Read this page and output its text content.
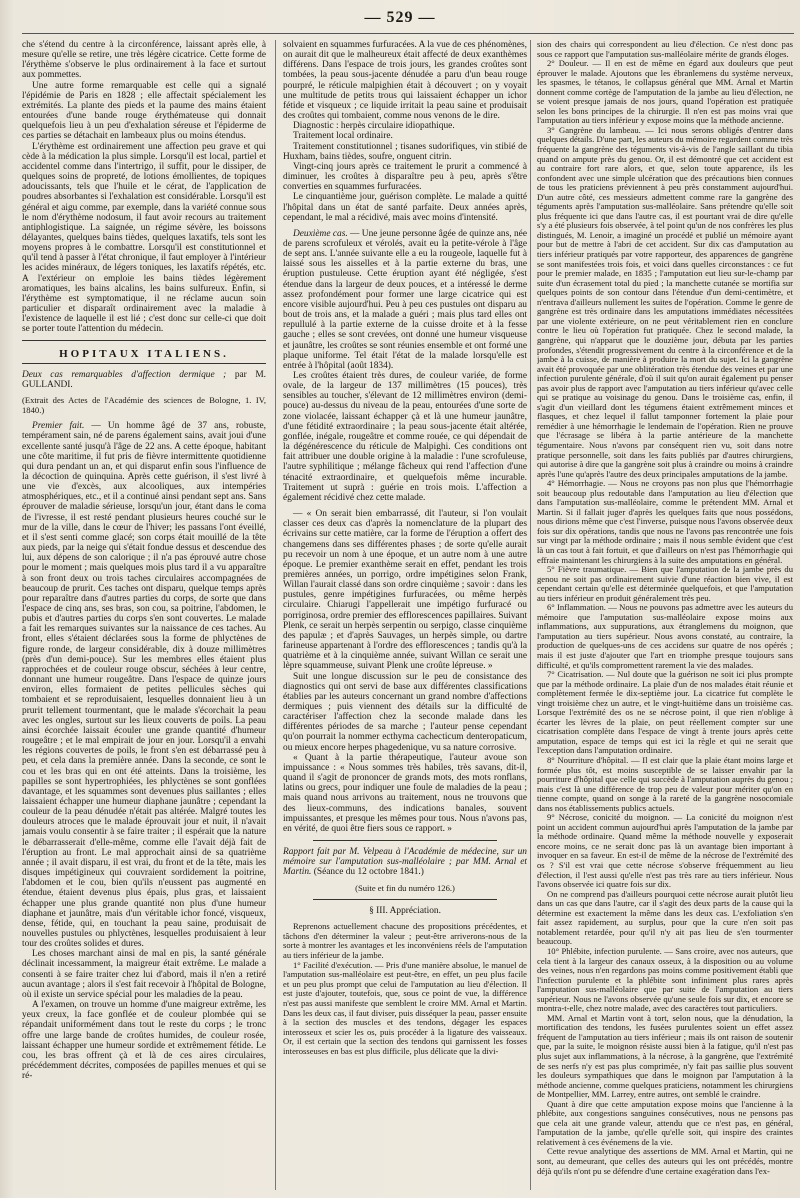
— 529 —

che s'étend du centre à la circonférence, laissant après elle, à mesure qu'elle se retire, une très légère cicatrice. Cette forme de l'érythème s'observe le plus ordinairement à la face et surtout aux pommettes.

Une autre forme remarquable est celle qui a signalé l'épidémie de Paris en 1828 ; elle affectait spécialement les extrémités. La plante des pieds et la paume des mains étaient entourées d'une bande rouge érythémateuse qui donnait quelquefois lieu à un peu d'exhalation séreuse et l'épiderme de ces parties se détachait en lambeaux plus ou moins étendus.

L'érythème est ordinairement une affection peu grave et qui cède à la médication la plus simple. Lorsqu'il est local, partiel et accidentel comme dans l'intertrigo, il suffit, pour le dissiper, de quelques soins de propreté, de lotions émollientes, de topiques adoucissants, tels que l'huile et le cérat, de l'application de poudres absorbantes si l'exhalation est considérable. Lorsqu'il est général et aigu comme, par exemple, dans la variété connue sous le nom d'érythème nodosum, il faut avoir recours au traitement antiphlogistique. La saignée, un régime sévère, les boissons délayantes, quelques bains tièdes, quelques laxatifs, tels sont les moyens propres à le combattre. Lorsqu'il est constitutionnel et qu'il tend à passer à l'état chronique, il faut employer à l'intérieur les acides minéraux, de légers toniques, les laxatifs répétés, etc. A l'extérieur on emploie les bains tièdes légèrement aromatiques, les bains alcalins, les bains sulfureux. Enfin, si l'érythème est symptomatique, il ne réclame aucun soin particulier et disparaît ordinairement avec la maladie à l'existence de laquelle il est lié ; c'est donc sur celle-ci que doit se porter toute l'attention du médecin.

HOPITAUX ITALIENS.

Deux cas remarquables d'affection dermique ; par M. GULLANDI.

(Extrait des Actes de l'Académie des sciences de Bologne, 1. IV, 1840.)

Premier fait. — Un homme âgé de 37 ans, robuste, tempérament sain, né de parens également sains, avait joui d'une excellente santé jusqu'à l'âge de 22 ans. A cette époque, habitant une côte maritime, il fut pris de fièvre intermittente quotidienne qui dura pendant un an, et qui disparut enfin sous l'influence de la décoction de quinquina. Après cette guérison, il s'est livré à une vie d'excès, aux alcooliques, aux intempéries atmosphériques, etc., et il a continué ainsi pendant sept ans. Sans éprouver de maladie sérieuse, lorsqu'un jour, étant dans le coma de l'ivresse, il est resté pendant plusieurs heures couché sur le mur de la ville, dans le cœur de l'hiver; les passans l'ont éveillé, et il s'est senti comme glacé; son corps était mouillé de la tête aux pieds, par la neige qui s'était fondue dessus et descendue des lui, aux dépens de son calorique ; il n'a pas éprouvé autre chose pour le moment ; mais quelques mois plus tard il a vu apparaître à son front deux ou trois taches circulaires accompagnées de beaucoup de prurit. Ces taches ont disparu, quelque temps après pour reparaître dans d'autres parties du corps, de sorte que dans l'espace de cinq ans, ses bras, son cou, sa poitrine, l'abdomen, le pubis et d'autres parties du corps s'en sont couvertes. Le malade a fait les remarques suivantes sur la naissance de ces taches. Au front, elles s'étaient déclarées sous la forme de phlyctènes de figure ronde, de largeur considérable, dix à douze millimètres (près d'un demi-pouce). Sur les membres elles étaient plus rapprochées et de couleur rouge obscur, séchées à leur centre, donnant une humeur rougeâtre. Dans l'espace de quinze jours environ, elles formaient de petites pellicules sèches qui tombaient et se reproduisaient, lesquelles donnaient lieu à un prurit tellement tourmentant, que le malade s'écorchait la peau avec les ongles, surtout sur les lieux couverts de poils. La peau ainsi écorchée laissait écouler une grande quantité d'humeur rougeâtre ; et le mal empirait de jour en jour. Lorsqu'il a envahi les régions couvertes de poils, le front s'en est débarrassé peu à peu, et cela dans la première année. Dans la seconde, ce sont le cou et les bras qui en ont été atteints. Dans la troisième, les papilles se sont hypertrophiées, les phlyctènes se sont gonflées davantage, et les squammes sont devenues plus saillantes ; elles laissaient échapper une humeur diaphane jaunâtre ; cependant la couleur de la peau dénudée n'était pas altérée. Malgré toutes les douleurs atroces que le malade éprouvait jour et nuit, il n'avait jamais voulu consentir à se faire traiter ; il espérait que la nature le débarrasserait d'elle-même, comme elle l'avait déjà fait de l'éruption au front. Le mal approchait ainsi de sa quatrième année ; il avait disparu, il est vrai, du front et de la tête, mais les disques impétigineux qui couvraient sordidement la poitrine, l'abdomen et le cou, bien qu'ils n'eussent pas augmenté en étendue, étaient devenus plus épais, plus gras, et laissaient échapper une plus grande quantité non plus d'une humeur diaphane et jaunâtre, mais d'un véritable ichor foncé, visqueux, dense, fétide, qui, en touchant la peau saine, produisait de nouvelles pustules ou phlyctènes, lesquelles produisaient à leur tour des croûtes solides et dures.

Les choses marchant ainsi de mal en pis, la santé générale déclinait incessamment, la maigreur était extrême. Le malade a consenti à se faire traiter chez lui d'abord, mais il n'en a retiré aucun avantage ; alors il s'est fait recevoir à l'hôpital de Bologne, où il existe un service spécial pour les maladies de la peau.

A l'examen, on trouve un homme d'une maigreur extrême, les yeux creux, la face gonflée et de couleur plombée qui se répandait uniformément dans tout le reste du corps ; le tronc offre une large bande de croûtes humides, de couleur rosée, laissant échapper une humeur sordide et extrêmement fétide. Le cou, les bras offrent çà et là de ces aires circulaires, précédemment décrites, composées de papilles menues et qui se ré-

solvaient en squammes furfuracées. A la vue de ces phénomènes, on aurait dit que le malheureux était affecté de deux exanthèmes différens. Dans l'espace de trois jours, les grandes croûtes sont tombées, la peau sous-jacente dénudée a paru d'un beau rouge pourpré, le réticule malpighien était à découvert ; on y voyait une multitude de petits trous qui laissaient échapper un ichor fétide et visqueux ; ce liquide irritait la peau saine et produisait des croûtes qui tombaient, comme nous venons de le dire.

Diagnostic : herpès circulaire idiopathique.

Traitement local ordinaire.

Traitement constitutionnel ; tisanes sudorifiques, vin stibié de Huxham, bains tièdes, soufre, onguent citrin.

Vingt-cinq jours après ce traitement le prurit a commencé à diminuer, les croûtes à disparaître peu à peu, après s'être converties en squammes furfuracées.

Le cinquantième jour, guérison complète. Le malade a quitté l'hôpital dans un état de santé parfaite. Deux années après, cependant, le mal a récidivé, mais avec moins d'intensité.

Deuxième cas. — Une jeune personne âgée de quinze ans, née de parens scrofuleux et vérolés, avait eu la petite-vérole à l'âge de sept ans. L'année suivante elle a eu la rougeole, laquelle fut à laissé sous les aisselles et à la partie externe du bras, une éruption pustuleuse. Cette éruption ayant été négligée, s'est étendue dans la largeur de deux pouces, et a intéressé le derme assez profondément pour former une large cicatrice qui est encore visible aujourd'hui. Peu à peu ces pustules ont disparu au bout de trois ans, et la malade a guéri ; mais plus tard elles ont repullulé à la partie externe de la cuisse droite et à la fesse gauche ; elles se sont crevées, ont donné une humeur visqueuse et jaunâtre, les croûtes se sont réunies ensemble et ont formé une plaque uniforme. Tel était l'état de la malade lorsqu'elle est entrée à l'hôpital (août 1834).

Les croûtes étaient très dures, de couleur variée, de forme ovale, de la largeur de 137 millimètres (15 pouces), très sensibles au toucher, s'élevant de 12 millimètres environ (demi-pouce) au-dessus du niveau de la peau, entourées d'une sorte de zone violacée, laissant échapper çà et là une humeur jaunâtre, d'une fétidité extraordinaire ; la peau sous-jacente était altérée, gonflée, inégale, rougeâtre et comme rouée, ce qui dépendait de la dégénérescence du réticule de Malpighi. Ces conditions ont fait attribuer une double origine à la maladie : l'une scrofuleuse, l'autre syphilitique ; mélange fâcheux qui rend l'affection d'une ténacité extraordinaire, et quelquefois même incurable. Traitement ut suprà : guérie en trois mois. L'affection a également récidivé chez cette malade.

— « On serait bien embarrassé, dit l'auteur, si l'on voulait classer ces deux cas d'après la nomenclature de la plupart des écrivains sur cette matière, car la forme de l'éruption a offert des changemens dans ses différentes phases ; de sorte qu'elle aurait pu recevoir un nom à une époque, et un autre nom à une autre époque. Le premier exanthème serait en effet, pendant les trois premières années, un porrigo, ordre impétigines selon Frank, Willan l'aurait classé dans son ordre cinquième ; savoir : dans les pustules, genre impétigines furfuracées, ou même herpès circulaire. Chiarugi l'appellerait une impétigo furfuracé ou porriginosa, ordre premier des efflorescences papillaires. Suivant Plenk, ce serait un herpès serpentin ou serpigo, classe cinquième des papulæ ; et d'après Sauvages, un herpès simple, ou dartre farineuse appartenant à l'ordre des efflorescences ; tandis qu'à la quatrième et à la cinquième année, suivant Willan ce serait une lèpre squammeuse, suivant Plenk une croûte lépreuse. »

Suit une longue discussion sur le peu de consistance des diagnostics qui ont servi de base aux différentes classifications établies par les auteurs concernant un grand nombre d'affections dermiques ; puis viennent des détails sur la difficulté de caractériser l'affection chez la seconde malade dans les différentes périodes de sa marche ; l'auteur pense cependant qu'on pourrait la nommer ecthyma cachecticum denteropaticum, ou mieux encore herpes phagedenique, vu sa nature corrosive.

« Quant à la partie thérapeutique, l'auteur avoue son impuissance : « Nous sommes très habiles, très savans, dit-il, quand il s'agit de prononcer de grands mots, des mots ronflans, latins ou grecs, pour indiquer une foule de maladies de la peau ; mais quand nous arrivons au traitement, nous ne trouvons que des lieux-communs, des indications banales, souvent impuissantes, et presque les mêmes pour tous. Nous n'avons pas, en vérité, de quoi être fiers sous ce rapport. »

Rapport fait par M. Velpeau à l'Académie de médecine, sur un mémoire sur l'amputation sus-malléolaire ; par MM. Arnal et Martin. (Séance du 12 octobre 1841.)

(Suite et fin du numéro 126.)

§ III. Appréciation.

Reprenons actuellement chacune des propositions précédentes, et tâchons d'en déterminer la valeur ; peut-être arriverons-nous de la sorte à montrer les avantages et les inconvéniens réels de l'amputation au tiers inférieur de la jambe.

1° Facilité d'exécution. — Pris d'une manière absolue, le manuel de l'amputation sus-malléolaire est peut-être, en effet, un peu plus facile et un peu plus prompt que celui de l'amputation au lieu d'élection. Il est juste d'ajouter, toutefois, que, sous ce point de vue, la différence n'est pas aussi manifeste que semblent le croire MM. Arnal et Martin. Dans les deux cas, il faut diviser, puis disséquer la peau, passer ensuite à la section des muscles et des tendons, dégager les espaces interosseux et scier les os, puis procéder à la ligature des vaisseaux. Or, il est certain que la section des tendons qui garnissent les fosses interosseuses en bas est plus difficile, plus délicate que la divi-

sion des chairs qui correspondent au lieu d'élection. Ce n'est donc pas sous ce rapport que l'amputation sus-malléolaire mérite de grands éloges.

2° Douleur. — Il en est de même en égard aux douleurs que peut éprouver le malade. Ajoutons que les ébranlemens du système nerveux, les spasmes, le tétanos, le collapsus général que MM. Arnal et Martin donnent comme cortège de l'amputation de la jambe au lieu d'élection, ne se voient presque jamais de nos jours, quand l'opération est pratiquée selon les bons principes de la chirurgie. Il n'en est pas moins vrai que l'amputation au tiers inférieur y expose moins que la méthode ancienne.

3° Gangrène du lambeau. — Ici nous serons obligés d'entrer dans quelques détails. D'une part, les auteurs du mémoire regardent comme très fréquente la gangrène des téguments vis-à-vis de l'angle saillant du tibia quand on ampute près du genou. Or, il est démontré que cet accident est au contraire fort rare alors, et que, selon toute apparence, ils les confondent avec une simple ulcération que des précautions bien connues de tous les praticiens préviennent à peu près constamment aujourd'hui. D'un autre côté, ces messieurs admettent comme rare la gangrène des téguments après l'amputation sus-malléolaire. Sans prétendre qu'elle soit plus fréquente ici que dans l'autre cas, il est pourtant vrai de dire qu'elle s'y a été plusieurs fois observée, à tel point qu'un de nos confrères les plus distingués, M. Lenoir, a imaginé un procédé et publié un mémoire ayant pour but de mettre à l'abri de cet accident. Sur dix cas d'amputation au tiers inférieur pratiqués par votre rapporteur, des apparences de gangrène se sont manifestées trois fois, et voici dans quelles circonstances : ce fut pour le premier malade, en 1835 ; l'amputation eut lieu sur-le-champ par suite d'un écrasement total du pied ; la manchette cutanée se mortifia sur quelques points de son contour dans l'étendue d'un demi-centimètre, et n'entrava d'ailleurs nullement les suites de l'opération. Comme le genre de gangrène est très ordinaire dans les amputations immédiates nécessitées par une violente extérieure, on ne peut véritablement rien en conclure contre le lieu où l'opération fut pratiquée. Chez le second malade, la gangrène, qui n'apparut que le douzième jour, débuta par les parties profondes, s'étendit progressivement du centre à la circonférence et de la jambe à la cuisse, de manière à produire la mort du sujet. Ici la gangrène avait été provoquée par une oblitération très étendue des veines et par une infection purulente générale, d'où il suit qu'on aurait également pu penser pas avoir plus de rapport avec l'amputation au tiers inférieur qu'avec celle qui se pratique au voisinage du genou. Dans le troisième cas, enfin, il s'agit d'un vieillard dont les tégumens étaient extrêmement minces et flasques, et chez lequel il fallut tamponner fortement la plaie pour remédier à une hémorrhagie le lendemain de l'opération. Rien ne prouve que l'écrasage se libéra à la partie antérieure de la manchette tégumentaire. Nous n'avons par conséquent rien vu, soit dans notre pratique personnelle, soit dans les faits publiés par d'autres chirurgiens, qui autorise à dire que la gangrène soit plus à craindre ou moins à craindre après l'une qu'après l'autre des deux principales amputations de la jambe.

4° Hémorrhagie. — Nous ne croyons pas non plus que l'hémorrhagie soit beaucoup plus redoutable dans l'amputation au lieu d'élection que dans l'amputation sus-malléolaire, comme le prétendent MM. Arnal et Martin. Si il fallait juger d'après les quelques faits que nous possédons, nous dirions même que c'est l'inverse, puisque nous l'avons observée deux fois sur dix opérations, tandis que nous ne l'avons pas rencontrée une fois sur vingt par la méthode ordinaire ; mais il nous semble évident que c'est là un cas tout à fait fortuit, et que d'ailleurs on n'est pas l'hémorrhagie qui effraie maintenant les chirurgiens à la suite des amputations en général.

5° Fièvre traumatique. — Bien que l'amputation de la jambe près du genou ne soit pas ordinairement suivie d'une réaction bien vive, il est cependant certain qu'elle est déterminée quelquefois, et que l'amputation au tiers inférieur en produit généralement très peu.

6° Inflammation. — Nous ne pouvons pas admettre avec les auteurs du mémoire que l'amputation sus-malléolaire expose moins aux inflammations, aux suppurations, aux étranglemens du moignon, que l'amputation au tiers supérieur. Nous avons constaté, au contraire, la production de quelques-uns de ces accidens sur quatre de nos opérés ; mais il est juste d'ajouter que l'art en triomphe presque toujours sans difficulté, et qu'ils compromettent rarement la vie des malades.

7° Cicatrisation. — Nul doute que la guérison ne soit ici plus prompte que par la méthode ordinaire. La plaie d'un de nos malades était réunie et complètement fermée le dix-septième jour. La cicatrice fut complète le vingt troisième chez un autre, et le vingt-huitième dans un troisième cas. Lorsque l'extrémité des os ne se nécrose point, il que rien n'oblige à écarter les lèvres de la plaie, on peut réellement compter sur une cicatrisation complète dans l'espace de vingt à trente jours après cette amputation, espace de temps qui est ici la règle et qui ne serait que l'exception dans l'amputation ordinaire.

8° Nourriture d'hôpital. — Il est clair que la plaie étant moins large et formée plus tôt, est moins susceptible de se laisser envahir par la pourriture d'hôpital que celle qui succède à l'amputation auprès du genou ; mais c'est là une différence de trop peu de valeur pour mériter qu'on en tienne compte, quand on songe à la rareté de la gangrène nosocomiale dans nos établissements publics actuels.

9° Nécrose, conicité du moignon. — La conicité du moignon n'est point un accident commun aujourd'hui après l'amputation de la jambe par la méthode ordinaire. Quand même la méthode nouvelle y exposerait encore moins, ce ne serait donc pas là un avantage bien important à invoquer en sa faveur. En est-il de même de la nécrose de l'extrémité des os ? S'il est vrai que cette nécrose s'observe fréquemment au lieu d'élection, il l'est aussi qu'elle n'est pas très rare au tiers inférieur. Nous l'avons observée ici quatre fois sur dix.

On ne comprend pas d'ailleurs pourquoi cette nécrose aurait plutôt lieu dans un cas que dans l'autre, car il s'agit des deux parts de la cause qui la détermine est exactement la même dans les deux cas. L'exfoliation s'en fait assez rapidement, au surplus, pour que la cure n'en soit pas notablement retardée, pour qu'il n'y ait pas lieu de s'en tourmenter beaucoup.

10° Phlébite, infection purulente. — Sans croire, avec nos auteurs, que cela tient à la largeur des canaux osseux, à la disposition ou au volume des veines, nous n'en regardons pas moins comme positivement établi que l'infection purulente et la phlébite sont infiniment plus rares après l'amputation sus-malléolaire que par suite de l'amputation au tiers supérieur. Nous ne l'avons observée qu'une seule fois sur dix, et encore se montra-t-elle, chez notre malade, avec des caractères tout particuliers.

MM. Arnal et Martin vont à tort, selon nous, que la dénudation, la mortification des tendons, les fusées purulentes soient un effet assez fréquent de l'amputation au tiers inférieur ; mais ils ont raison de soutenir que, par la suite, le moignon résiste aussi bien à la fatigue, qu'il n'est pas plus sujet aux inflammations, à la nécrose, à la gangrène, que l'extrémité de ses nerfs n'y est pas plus comprimée, n'y fait pas saillie plus souvent les douleurs sympathiques que dans le moignon par l'amputation à la méthode ancienne, comme quelques praticiens, notamment les chirurgiens de Montpellier, MM. Larrey, entre autres, ont semblé le craindre.

Quant à dire que cette amputation expose moins que l'ancienne à la phlébite, aux congestions sanguines consécutives, nous ne pensons pas que cela ait une grande valeur, attendu que ce n'est pas, en général, l'amputation de la jambe, qu'elle qu'elle soit, qui inspire des craintes relativement à ces événemens de la vie.

Cette revue analytique des assertions de MM. Arnal et Martin, qui ne sont, au demeurant, que celles des auteurs qui les ont précédés, montre déjà qu'ils n'ont pu se défendre d'une certaine exagération dans l'ex-
